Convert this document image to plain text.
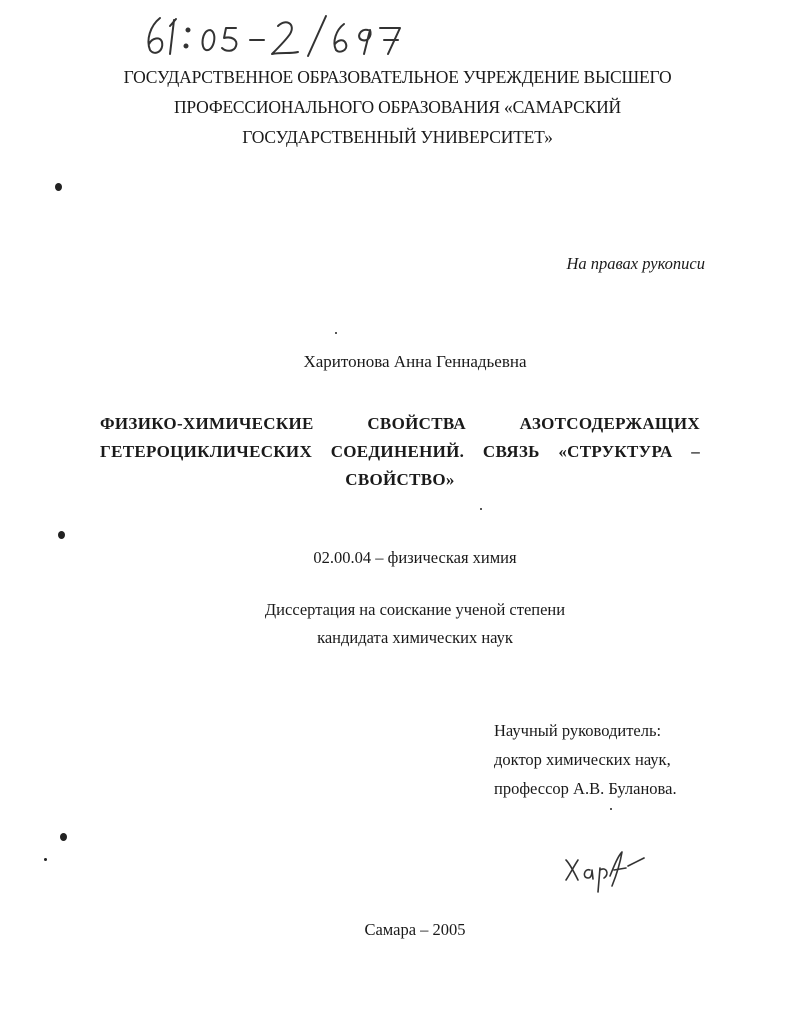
ГОСУДАРСТВЕННОЕ ОБРАЗОВАТЕЛЬНОЕ УЧРЕЖДЕНИЕ ВЫСШЕГО
ПРОФЕССИОНАЛЬНОГО ОБРАЗОВАНИЯ «САМАРСКИЙ
ГОСУДАРСТВЕННЫЙ УНИВЕРСИТЕТ»
На правах рукописи
Харитонова Анна Геннадьевна
ФИЗИКО-ХИМИЧЕСКИЕ СВОЙСТВА АЗОТСОДЕРЖАЩИХ
ГЕТЕРОЦИКЛИЧЕСКИХ СОЕДИНЕНИЙ. СВЯЗЬ «СТРУКТУРА –
СВОЙСТВО»
02.00.04 – физическая химия
Диссертация на соискание ученой степени
кандидата химических наук
Научный руководитель:
доктор химических наук,
профессор А.В. Буланова.
Самара – 2005
